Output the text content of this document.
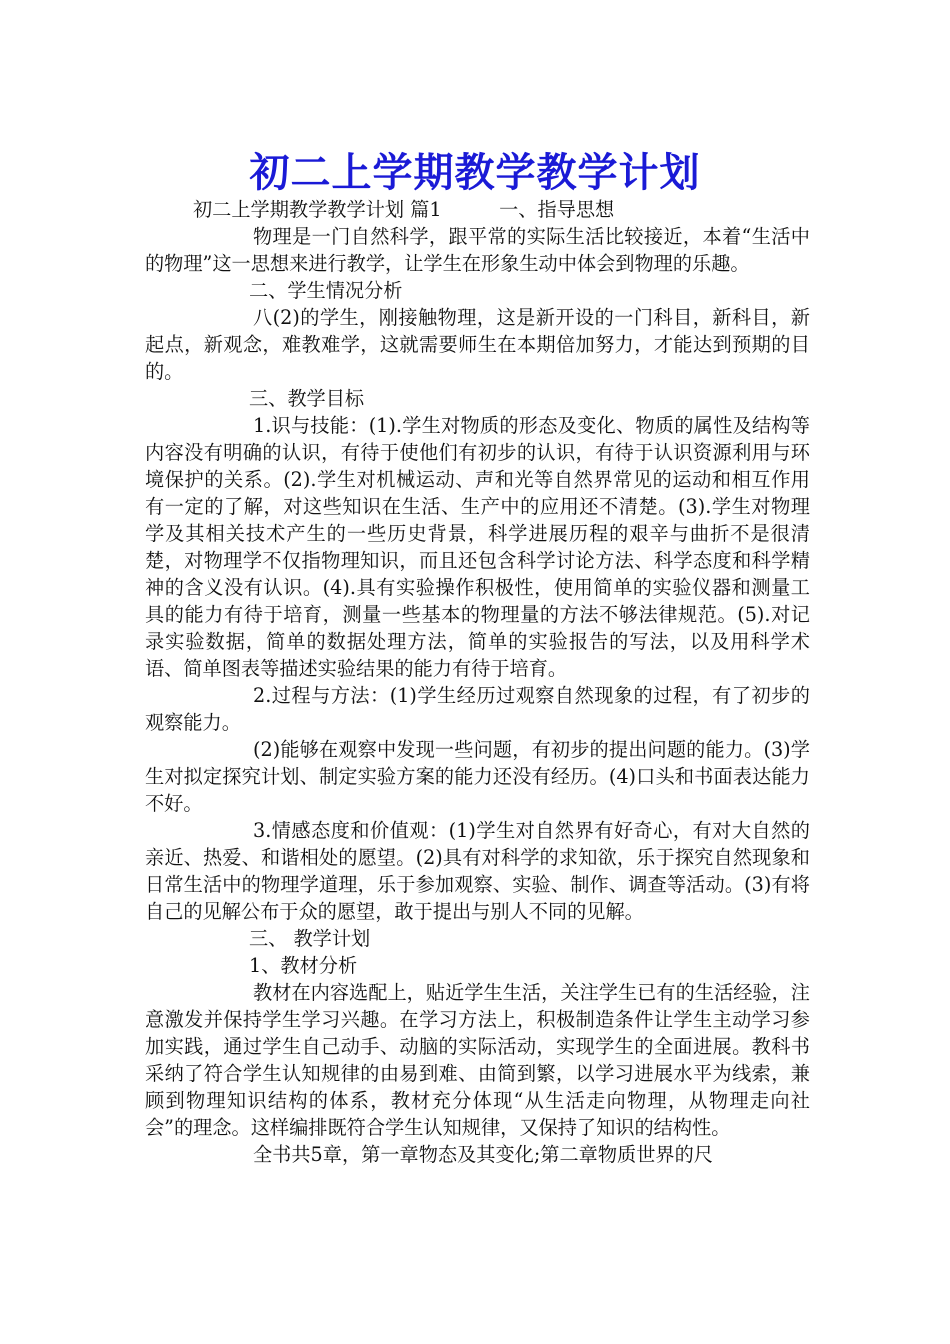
初二上学期教学教学计划

初二上学期教学教学计划 篇1　　　一、指导思想

物理是一门自然科学，跟平常的实际生活比较接近，本着“生活中的物理”这一思想来进行教学，让学生在形象生动中体会到物理的乐趣。

二、学生情况分析

八(2)的学生，刚接触物理，这是新开设的一门科目，新科目，新起点，新观念，难教难学，这就需要师生在本期倍加努力，才能达到预期的目的。

三、教学目标

1.识与技能：(1).学生对物质的形态及变化、物质的属性及结构等内容没有明确的认识，有待于使他们有初步的认识，有待于认识资源利用与环境保护的关系。(2).学生对机械运动、声和光等自然界常见的运动和相互作用有一定的了解，对这些知识在生活、生产中的应用还不清楚。(3).学生对物理学及其相关技术产生的一些历史背景，科学进展历程的艰辛与曲折不是很清楚，对物理学不仅指物理知识，而且还包含科学讨论方法、科学态度和科学精神的含义没有认识。(4).具有实验操作积极性，使用简单的实验仪器和测量工具的能力有待于培育，测量一些基本的物理量的方法不够法律规范。(5).对记录实验数据，简单的数据处理方法，简单的实验报告的写法，以及用科学术语、简单图表等描述实验结果的能力有待于培育。

2.过程与方法：(1)学生经历过观察自然现象的过程，有了初步的观察能力。

(2)能够在观察中发现一些问题，有初步的提出问题的能力。(3)学生对拟定探究计划、制定实验方案的能力还没有经历。(4)口头和书面表达能力不好。

3.情感态度和价值观：(1)学生对自然界有好奇心，有对大自然的亲近、热爱、和谐相处的愿望。(2)具有对科学的求知欲，乐于探究自然现象和日常生活中的物理学道理，乐于参加观察、实验、制作、调查等活动。(3)有将自己的见解公布于众的愿望，敢于提出与别人不同的见解。

三、 教学计划

1、教材分析

教材在内容选配上，贴近学生生活，关注学生已有的生活经验，注意激发并保持学生学习兴趣。在学习方法上，积极制造条件让学生主动学习参加实践，通过学生自己动手、动脑的实际活动，实现学生的全面进展。教科书采纳了符合学生认知规律的由易到难、由简到繁，以学习进展水平为线索，兼顾到物理知识结构的体系，教材充分体现“从生活走向物理，从物理走向社会”的理念。这样编排既符合学生认知规律，又保持了知识的结构性。

全书共5章，第一章物态及其变化;第二章物质世界的尺
